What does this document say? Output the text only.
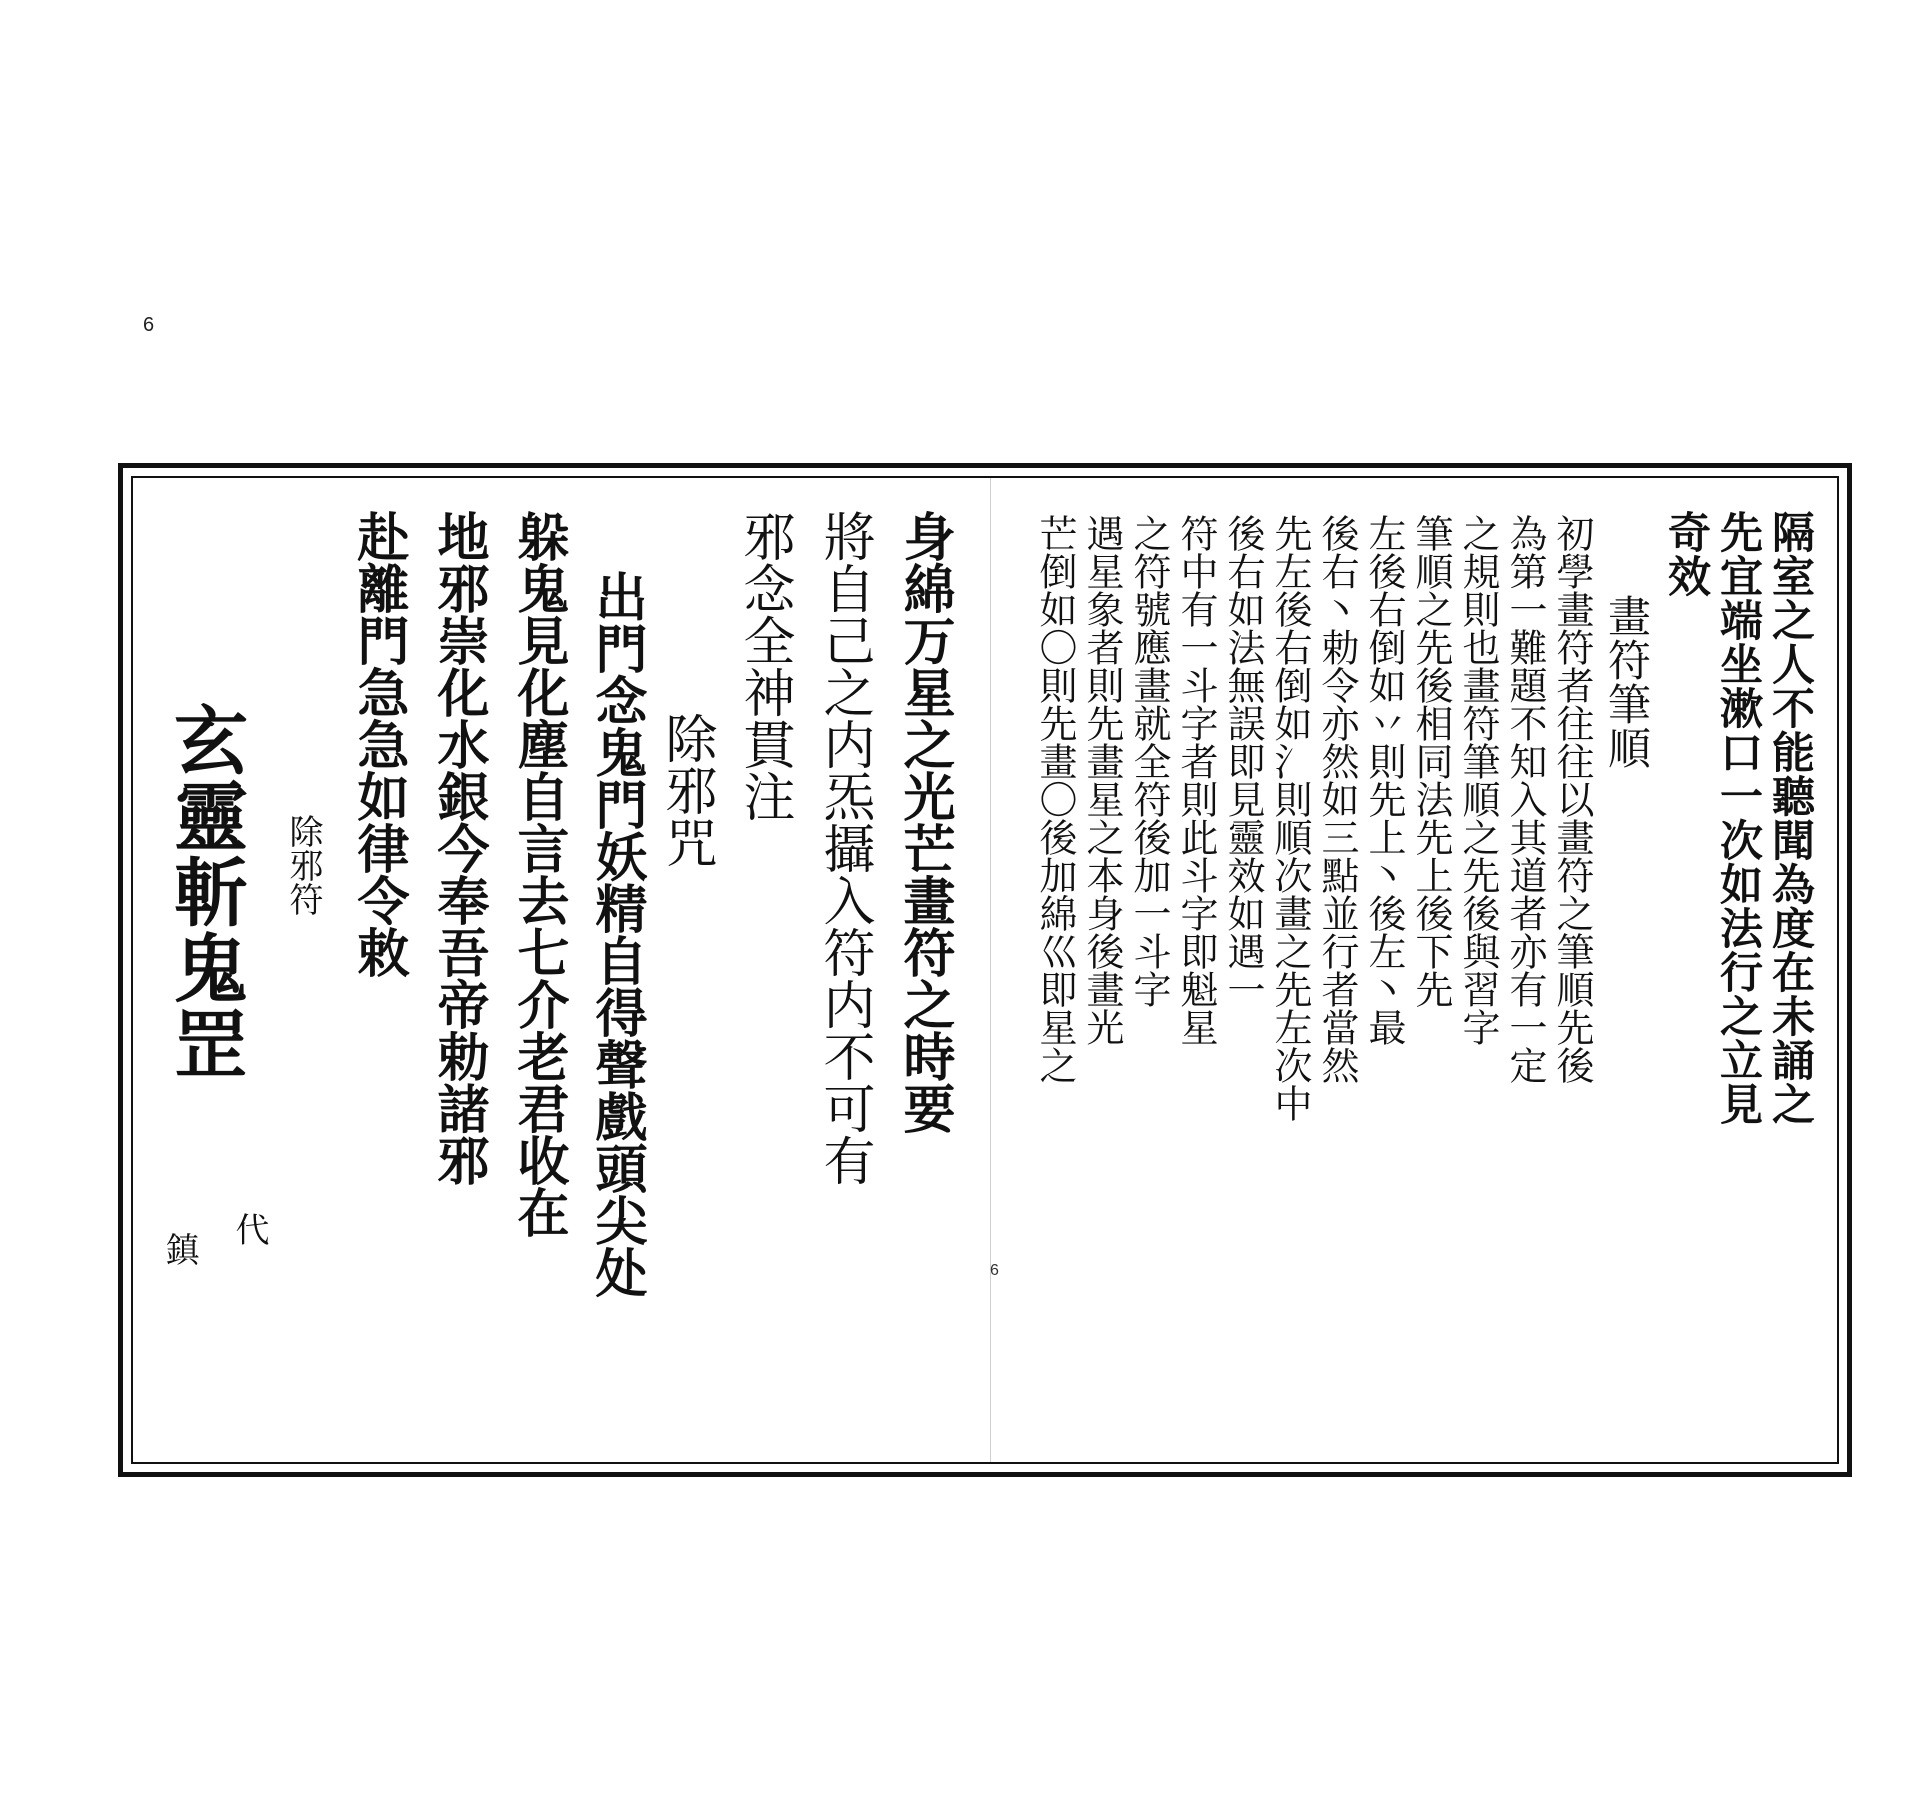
6
6
隔室之人不能聽聞為度在未誦之
先宜端坐漱口一次如法行之立見
奇效
畫符筆順
初學畫符者往往以畫符之筆順先後
為第一難題不知入其道者亦有一定
之規則也畫符筆順之先後與習字
筆順之先後相同法先上後下先
左後右倒如丷則先上丶後左丶最
後右丶勅令亦然如三點並行者當然
先左後右倒如氵則順次畫之先左次中
後右如法無誤即見靈效如遇一
符中有一斗字者則此斗字即魁星
之符號應畫就全符後加一斗字
遇星象者則先畫星之本身後畫光
芒倒如〇則先畫〇後加綿巛即星之
身綿万星之光芒畫符之時要
將自己之内炁攝入符内不可有
邪念全神貫注
除邪咒
出門念鬼門妖精自得聲戲頭尖处
躲鬼見化塵自言去七介老君收在
地邪崇化水銀今奉吾帝勅諸邪
赴離門急急如律令敕
除邪符
玄靈斬鬼罡
代
鎮
